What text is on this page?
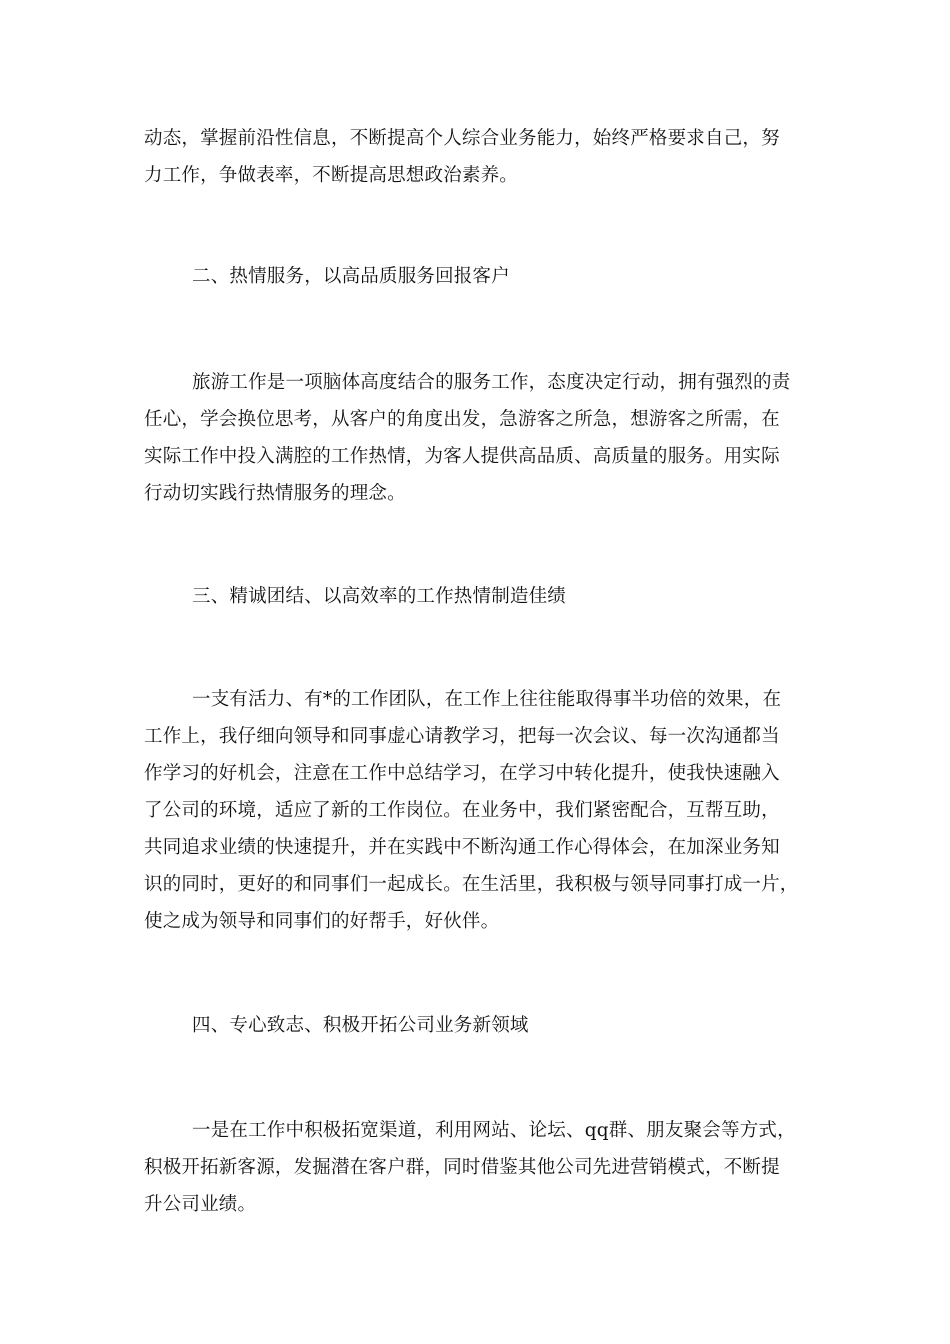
动态，掌握前沿性信息，不断提高个人综合业务能力，始终严格要求自己，努
力工作，争做表率，不断提高思想政治素养。
二、热情服务，以高品质服务回报客户
旅游工作是一项脑体高度结合的服务工作，态度决定行动，拥有强烈的责
任心，学会换位思考，从客户的角度出发，急游客之所急，想游客之所需，在
实际工作中投入满腔的工作热情，为客人提供高品质、高质量的服务。用实际
行动切实践行热情服务的理念。
三、精诚团结、以高效率的工作热情制造佳绩
一支有活力、有*的工作团队，在工作上往往能取得事半功倍的效果，在
工作上，我仔细向领导和同事虚心请教学习，把每一次会议、每一次沟通都当
作学习的好机会，注意在工作中总结学习，在学习中转化提升，使我快速融入
了公司的环境，适应了新的工作岗位。在业务中，我们紧密配合，互帮互助，
共同追求业绩的快速提升，并在实践中不断沟通工作心得体会，在加深业务知
识的同时，更好的和同事们一起成长。在生活里，我积极与领导同事打成一片，
使之成为领导和同事们的好帮手，好伙伴。
四、专心致志、积极开拓公司业务新领域
一是在工作中积极拓宽渠道，利用网站、论坛、qq群、朋友聚会等方式，
积极开拓新客源，发掘潜在客户群，同时借鉴其他公司先进营销模式，不断提
升公司业绩。
